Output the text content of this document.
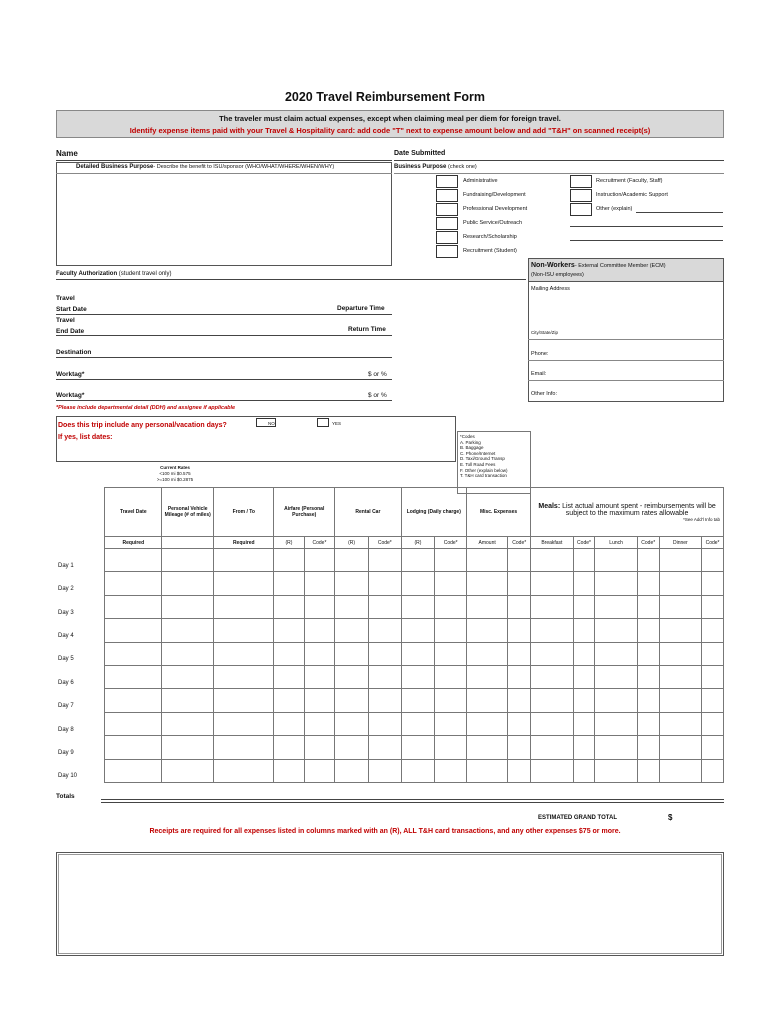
2020 Travel Reimbursement Form
The traveler must claim actual expenses, except when claiming meal per diem for foreign travel.
Identify expense items paid with your Travel & Hospitality card: add code "T" next to expense amount below and add "T&H" on scanned receipt(s)
Name	Date Submitted
Detailed Business Purpose- Describe the benefit to ISU/sponsor (WHO/WHAT/WHERE/WHEN/WHY)	Business Purpose (check one)
Administrative
Fundraising/Development
Professional Development
Public Service/Outreach
Research/Scholarship
Recruitment (Student)
Recruitment (Faculty, Staff)
Instruction/Academic Support
Other (explain)
Faculty Authorization (student travel only)
Non-Workers- External Committee Member (ECM)
(Non-ISU employees)
Mailing Address
City/State/Zip
Phone:
Email:
Other Info:
Travel
Start Date	Departure Time
Travel
End Date	Return Time
Destination
Worktag*	$ or %
Worktag*	$ or %
*Please include departmental detail (DDH) and assignee if applicable
Does this trip include any personal/vacation days?	NO	YES
If yes, list dates:	*Codes
A. Parking
B. Baggage
C. Phone/Internet
D. Taxi/Ground Transp
E. Toll Road Fees
F. Other (explain below)
T. T&H card transaction
Current Rates
<100 mi $0.575
>=100 mi $0.2875
	Travel Date	Personal Vehicle Mileage (# of miles)	From / To	Airfare (Personal Purchase)		Rental Car		Lodging (Daily charge)		Misc. Expenses		Meals: List actual amount spent - reimbursements will be subject to the maximum rates allowable
*See Add'l Info tab					

	Required		Required	(R)	Code*	(R)	Code*	(R)	Code*	Amount	Code*	Breakfast	Code*	Lunch	Code*	Dinner	Code*
Day 1																	
Day 2																	
Day 3																	
Day 4																	
Day 5																	
Day 6																	
Day 7																	
Day 8																	
Day 9																	
Day 10																	
Totals
ESTIMATED GRAND TOTAL	$
Receipts are required for all expenses listed in columns marked with an (R), ALL T&H card transactions, and any other expenses $75 or more.
